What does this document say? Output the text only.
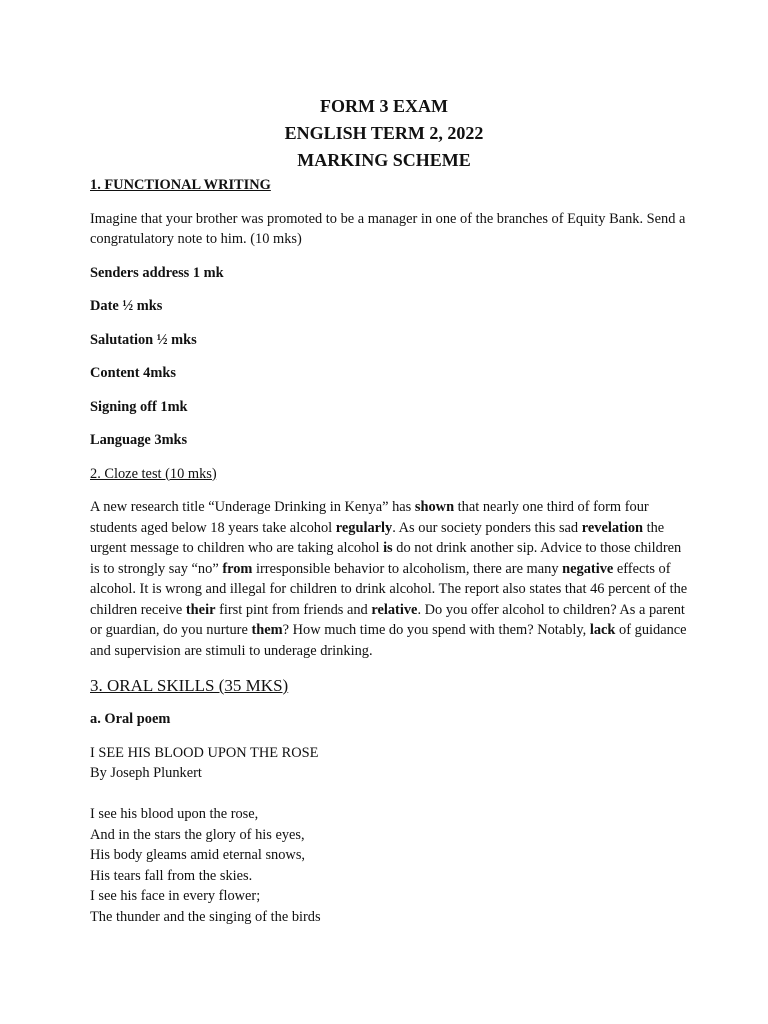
FORM 3 EXAM
ENGLISH TERM 2, 2022
MARKING SCHEME

1. FUNCTIONAL WRITING

Imagine that your brother was promoted to be a manager in one of the branches of Equity Bank. Send a congratulatory note to him. (10 mks)

Senders address 1 mk

Date ½ mks

Salutation ½ mks

Content 4mks

Signing off 1mk

Language 3mks

2. Cloze test (10 mks)

A new research title “Underage Drinking in Kenya” has shown that nearly one third of form four students aged below 18 years take alcohol regularly. As our society ponders this sad revelation the urgent message to children who are taking alcohol is do not drink another sip. Advice to those children is to strongly say “no” from irresponsible behavior to alcoholism, there are many negative effects of alcohol. It is wrong and illegal for children to drink alcohol. The report also states that 46 percent of the children receive their first pint from friends and relative. Do you offer alcohol to children? As a parent or guardian, do you nurture them? How much time do you spend with them? Notably, lack of guidance and supervision are stimuli to underage drinking.

3. ORAL SKILLS (35 MKS)

a. Oral poem

I SEE HIS BLOOD UPON THE ROSE

By Joseph Plunkert

I see his blood upon the rose,
And in the stars the glory of his eyes,
His body gleams amid eternal snows,
His tears fall from the skies.
I see his face in every flower;
The thunder and the singing of the birds
